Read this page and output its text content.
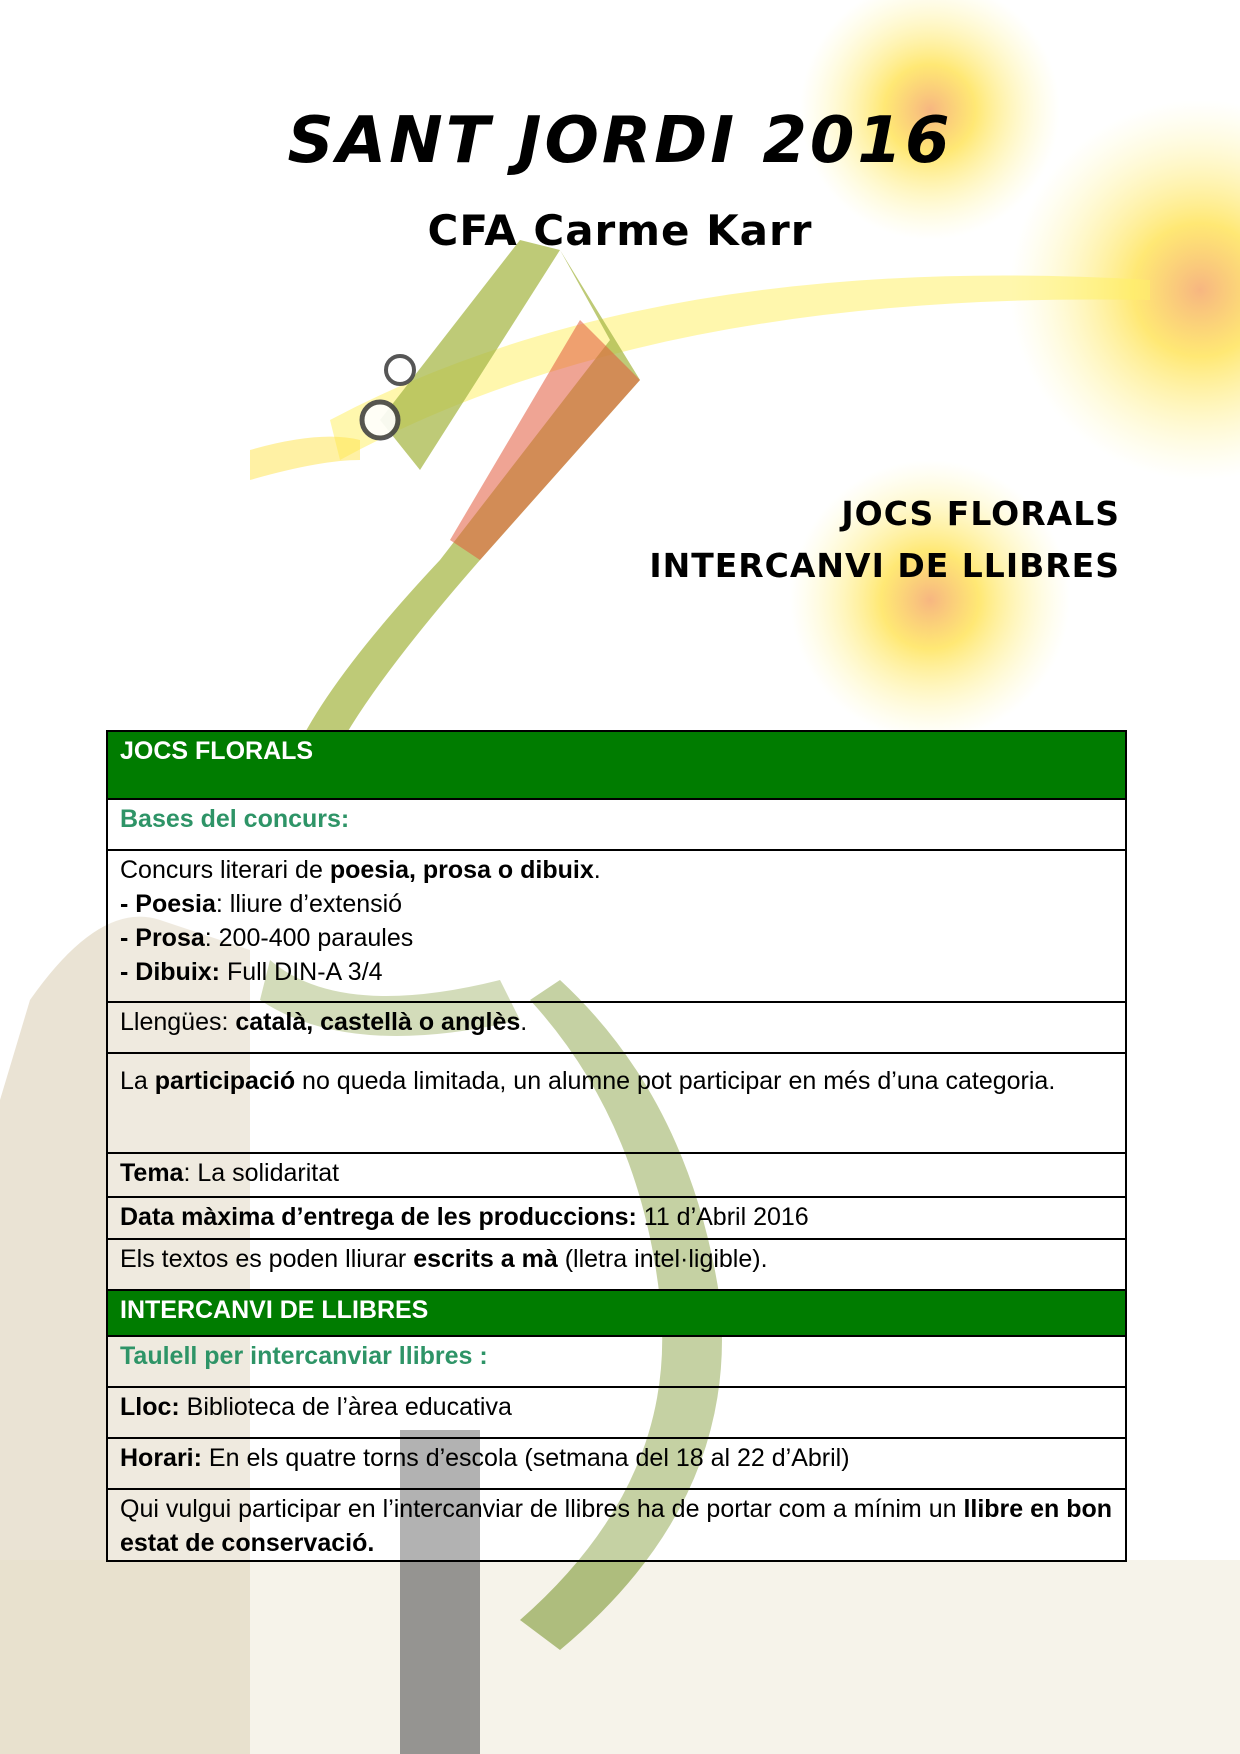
SANT JORDI 2016
CFA Carme Karr
JOCS FLORALS
INTERCANVI DE LLIBRES
JOCS FLORALS
Bases del concurs:
Concurs literari de poesia, prosa o dibuix.
- Poesia: lliure d’extensió
- Prosa: 200-400 paraules
- Dibuix: Full DIN-A 3/4
Llengües: català, castellà o anglès.
La participació no queda limitada, un alumne pot participar en més d’una categoria.
Tema: La solidaritat
Data màxima d’entrega de les produccions: 11 d’Abril 2016
Els textos es poden lliurar escrits a mà (lletra intel·ligible).
INTERCANVI DE LLIBRES
Taulell per intercanviar llibres :
Lloc: Biblioteca de l’àrea educativa
Horari: En els quatre torns d’escola (setmana del 18 al 22 d’Abril)
Qui vulgui participar en l’intercanviar de llibres ha de portar com a mínim un llibre en bon estat de conservació.
